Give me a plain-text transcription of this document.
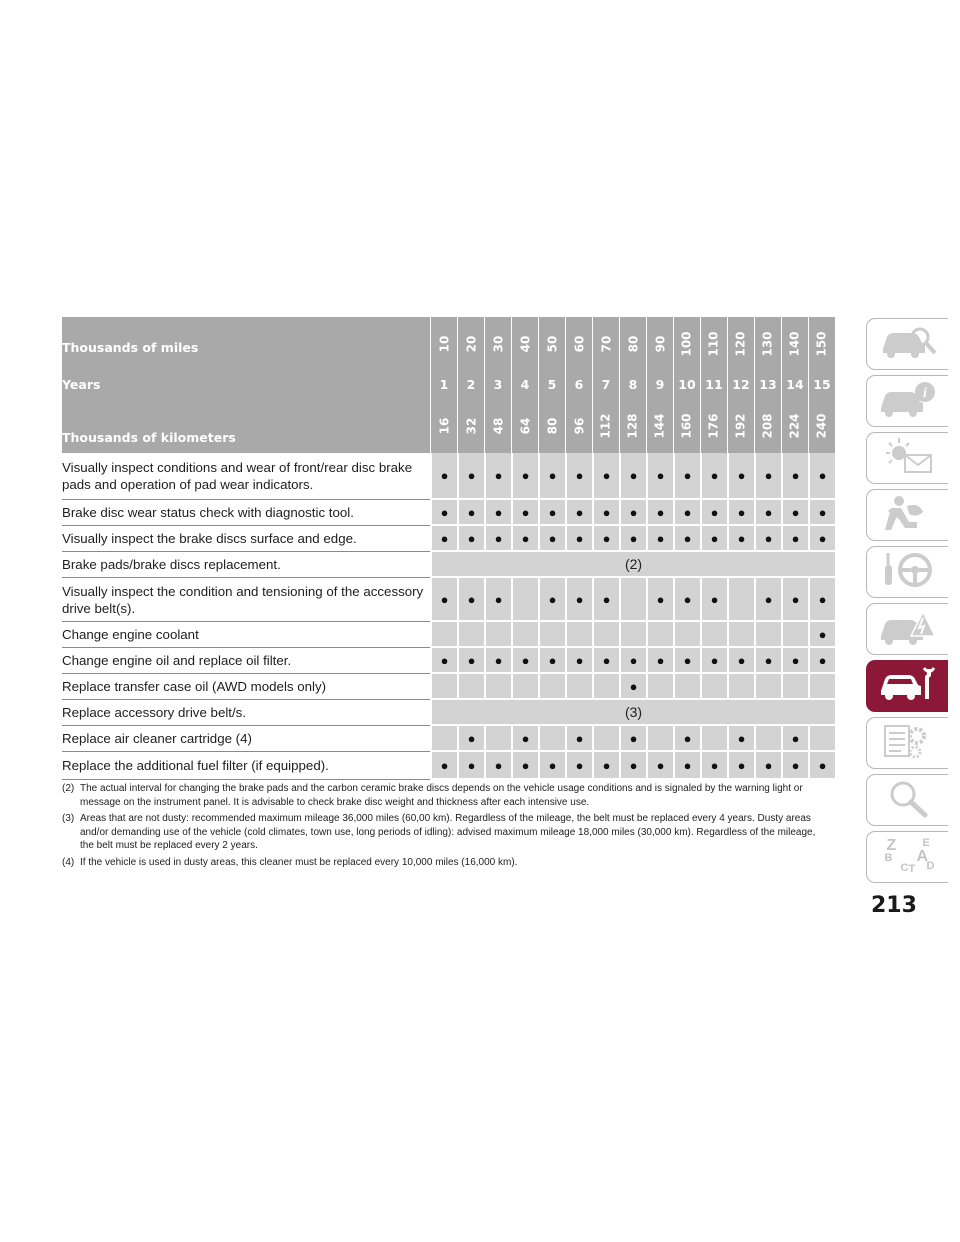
Thousands of miles	10	20	30	40	50	60	70	80	90	100	110	120	130	140	150
Years	1	2	3	4	5	6	7	8	9	10	11	12	13	14	15
Thousands of kilometers	16	32	48	64	80	96	112	128	144	160	176	192	208	224	240
Visually inspect conditions and wear of front/rear disc brake pads and operation of pad wear indicators.	●	●	●	●	●	●	●	●	●	●	●	●	●	●	●
Brake disc wear status check with diagnostic tool.	●	●	●	●	●	●	●	●	●	●	●	●	●	●	●
Visually inspect the brake discs surface and edge.	●	●	●	●	●	●	●	●	●	●	●	●	●	●	●
Brake pads/brake discs replacement.	(2)														
Visually inspect the condition and tensioning of the accessory drive belt(s).	●	●	●		●	●	●		●	●	●		●	●	●
Change engine coolant															●
Change engine oil and replace oil filter.	●	●	●	●	●	●	●	●	●	●	●	●	●	●	●
Replace transfer case oil (AWD models only)								●							
Replace accessory drive belt/s.	(3)														
Replace air cleaner cartridge (4)		●		●		●		●		●		●		●	
Replace the additional fuel filter (if equipped).	●	●	●	●	●	●	●	●	●	●	●	●	●	●	●
(2) The actual interval for changing the brake pads and the carbon ceramic brake discs depends on the vehicle usage conditions and is signaled by the warning light or message on the instrument panel. It is advisable to check brake disc weight and thickness after each intensive use.
(3) Areas that are not dusty: recommended maximum mileage 36,000 miles (60,00 km). Regardless of the mileage, the belt must be replaced every 4 years. Dusty areas and/or demanding use of the vehicle (cold climates, town use, long periods of idling): advised maximum mileage 18,000 miles (30,000 km). Regardless of the mileage, the belt must be replaced every 2 years.
(4) If the vehicle is used in dusty areas, this cleaner must be replaced every 10,000 miles (16,000 km).
i
Z E
A
B
C T D
213
